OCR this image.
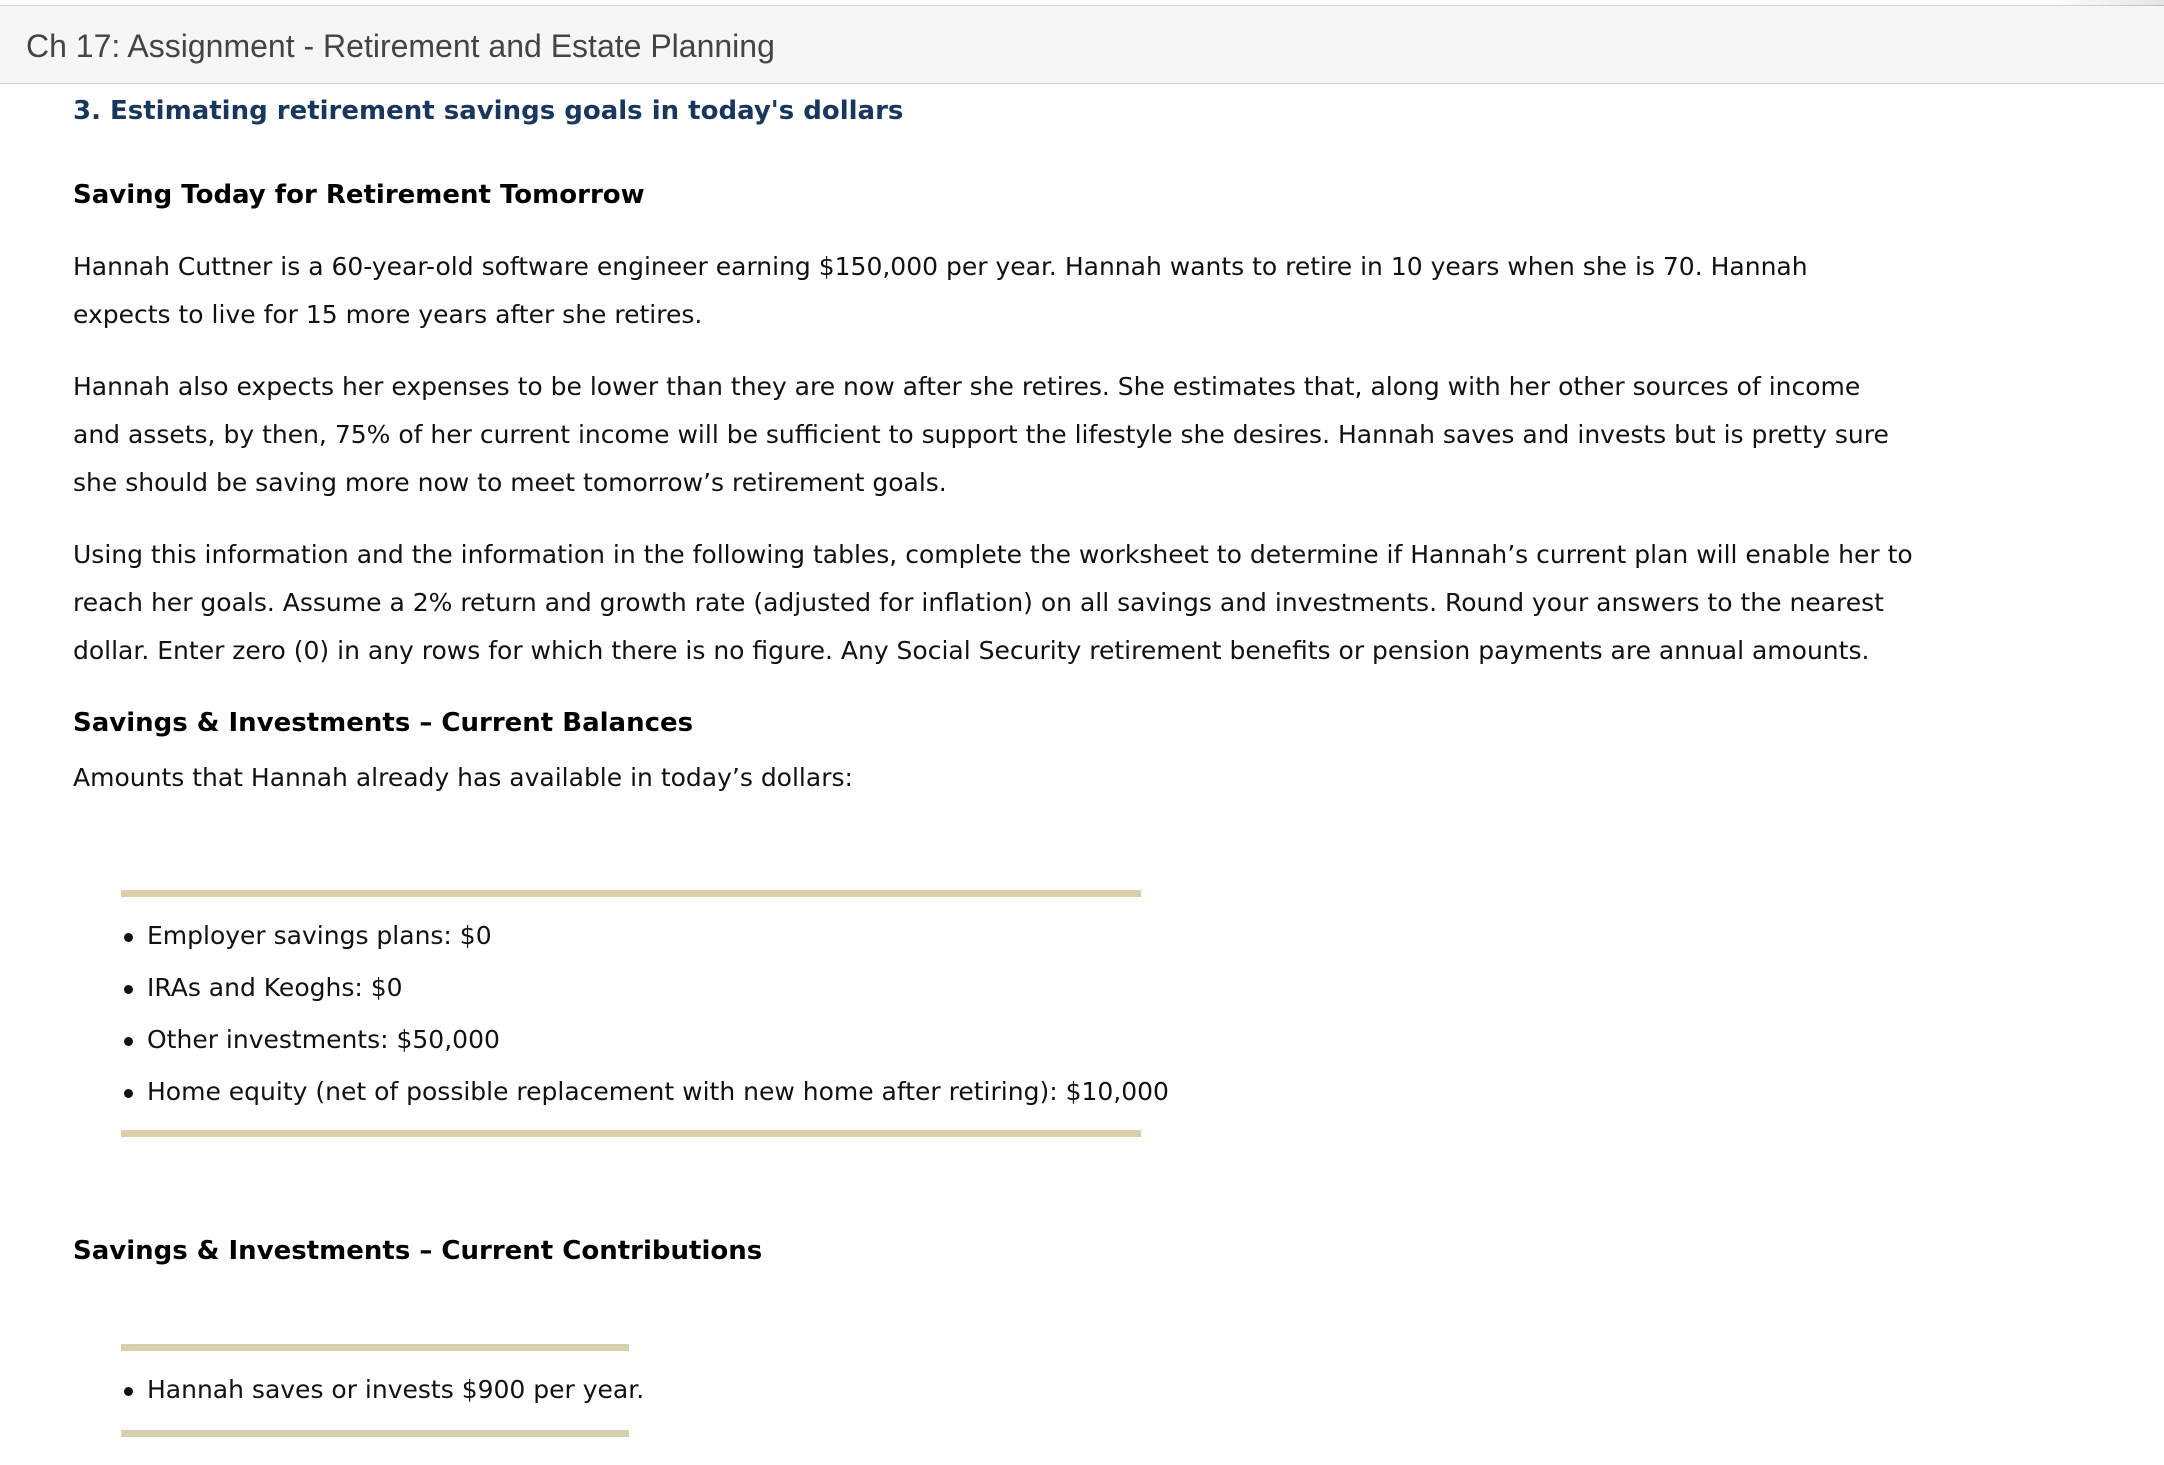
Ch 17: Assignment - Retirement and Estate Planning
3. Estimating retirement savings goals in today's dollars
Saving Today for Retirement Tomorrow

Hannah Cuttner is a 60-year-old software engineer earning $150,000 per year. Hannah wants to retire in 10 years when she is 70. Hannah expects to live for 15 more years after she retires.

Hannah also expects her expenses to be lower than they are now after she retires. She estimates that, along with her other sources of income and assets, by then, 75% of her current income will be sufficient to support the lifestyle she desires. Hannah saves and invests but is pretty sure she should be saving more now to meet tomorrow’s retirement goals.

Using this information and the information in the following tables, complete the worksheet to determine if Hannah’s current plan will enable her to reach her goals. Assume a 2% return and growth rate (adjusted for inflation) on all savings and investments. Round your answers to the nearest dollar. Enter zero (0) in any rows for which there is no figure. Any Social Security retirement benefits or pension payments are annual amounts.

Savings & Investments – Current Balances

Amounts that Hannah already has available in today’s dollars:

Employer savings plans: $0
IRAs and Keoghs: $0
Other investments: $50,000
Home equity (net of possible replacement with new home after retiring): $10,000
Savings & Investments – Current Contributions
Hannah saves or invests $900 per year.
